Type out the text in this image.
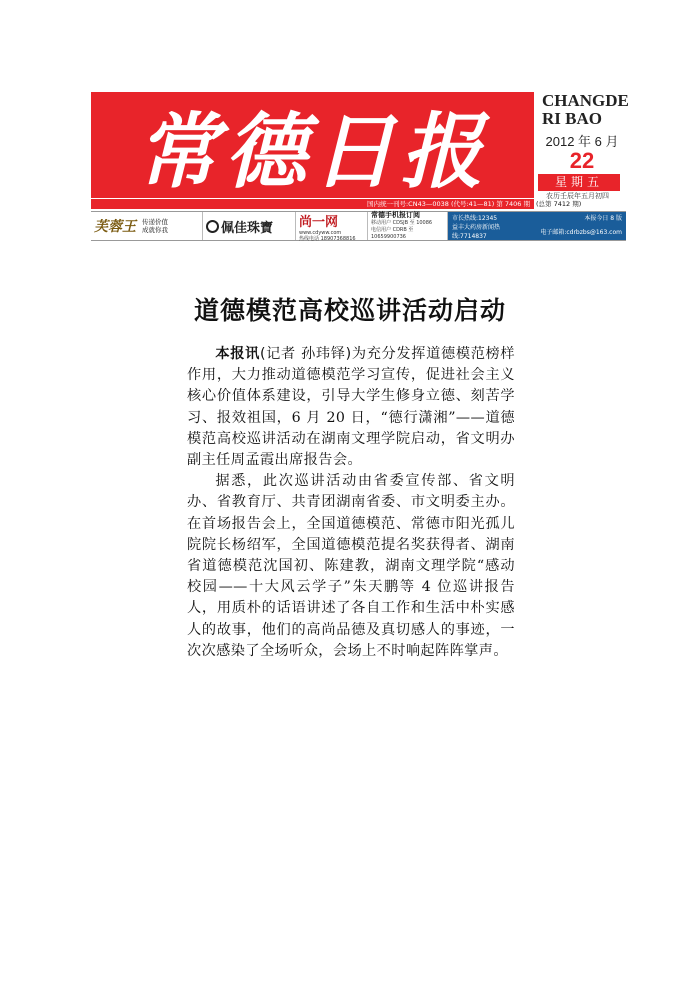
常德日报
CHANGDE
RI BAO
2012 年 6 月
22
星期五
农历壬辰年五月初四
国内统一刊号:CN43—0038 (代号:41—81) 第 7406 期 (总第 7412 期)
芙蓉王 传递价值
成就你我	佩佳珠寶 尚一网
www.cdyww.com
热线电话 18907368816
常德手机报订阅
移动用户 CDSJB 至 10086
电信用户 CDRB 至 10659900736
市长热线:12345	本报今日 8 版
益丰大药房新闻热线:7714837
电子邮箱:cdrbzbs@163.com
道德模范高校巡讲活动启动

本报讯(记者 孙玮铎)为充分发挥道德模范榜样作用，大力推动道德模范学习宣传，促进社会主义核心价值体系建设，引导大学生修身立德、刻苦学习、报效祖国，6 月 20 日，“德行潇湘”——道德模范高校巡讲活动在湖南文理学院启动，省文明办副主任周孟霞出席报告会。

据悉，此次巡讲活动由省委宣传部、省文明办、省教育厅、共青团湖南省委、市文明委主办。在首场报告会上，全国道德模范、常德市阳光孤儿院院长杨绍军，全国道德模范提名奖获得者、湖南省道德模范沈国初、陈建教，湖南文理学院“感动校园——十大风云学子”朱天鹏等 4 位巡讲报告人，用质朴的话语讲述了各自工作和生活中朴实感人的故事，他们的高尚品德及真切感人的事迹，一次次感染了全场听众，会场上不时响起阵阵掌声。
